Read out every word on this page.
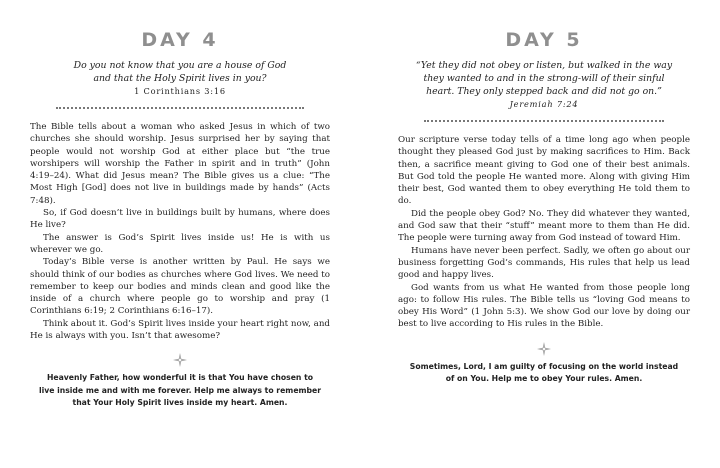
DAY 4
Do you not know that you are a house of God
and that the Holy Spirit lives in you?
1 Corinthians 3:16

The Bible tells about a woman who asked Jesus in which of two churches she should worship. Jesus surprised her by saying that people would not worship God at either place but “the true worshipers will worship the Father in spirit and in truth” (John 4:19–24). What did Jesus mean? The Bible gives us a clue: “The Most High [God] does not live in buildings made by hands” (Acts 7:48).

So, if God doesn’t live in buildings built by humans, where does He live?

The answer is God’s Spirit lives inside us! He is with us wherever we go.

Today’s Bible verse is another written by Paul. He says we should think of our bodies as churches where God lives. We need to remember to keep our bodies and minds clean and good like the inside of a church where people go to worship and pray (1 Corinthians 6:19; 2 Corinthians 6:16–17).

Think about it. God’s Spirit lives inside your heart right now, and He is always with you. Isn’t that awesome?

Heavenly Father, how wonderful it is that You have chosen to live inside me and with me forever. Help me always to remember that Your Holy Spirit lives inside my heart. Amen.
DAY 5
“Yet they did not obey or listen, but walked in the way
they wanted to and in the strong-will of their sinful
heart. They only stepped back and did not go on.”
Jeremiah 7:24

Our scripture verse today tells of a time long ago when people thought they pleased God just by making sacrifices to Him. Back then, a sacrifice meant giving to God one of their best animals. But God told the people He wanted more. Along with giving Him their best, God wanted them to obey everything He told them to do.

Did the people obey God? No. They did whatever they wanted, and God saw that their “stuff” meant more to them than He did. The people were turning away from God instead of toward Him.

Humans have never been perfect. Sadly, we often go about our business forgetting God’s commands, His rules that help us lead good and happy lives.

God wants from us what He wanted from those people long ago: to follow His rules. The Bible tells us “loving God means to obey His Word” (1 John 5:3). We show God our love by doing our best to live according to His rules in the Bible.

Sometimes, Lord, I am guilty of focusing on the world instead of on You. Help me to obey Your rules. Amen.
